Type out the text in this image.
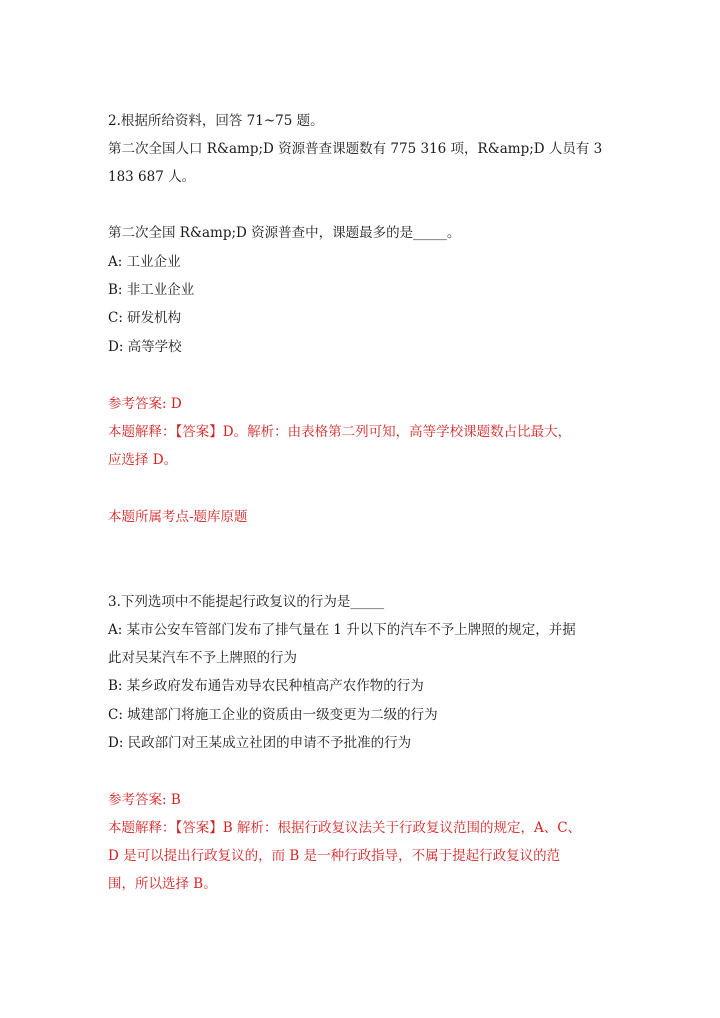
2.根据所给资料，回答 71~75 题。
第二次全国人口 R&amp;D 资源普查课题数有 775 316 项，R&amp;D 人员有 3
183 687 人。
第二次全国 R&amp;D 资源普查中，课题最多的是_____。
A: 工业企业
B: 非工业企业
C: 研发机构
D: 高等学校
参考答案: D
本题解释：【答案】D。解析：由表格第二列可知，高等学校课题数占比最大，
应选择 D。
本题所属考点-题库原题
3.下列选项中不能提起行政复议的行为是_____
A: 某市公安车管部门发布了排气量在 1 升以下的汽车不予上牌照的规定，并据
此对吴某汽车不予上牌照的行为
B: 某乡政府发布通告劝导农民种植高产农作物的行为
C: 城建部门将施工企业的资质由一级变更为二级的行为
D: 民政部门对王某成立社团的申请不予批准的行为
参考答案: B
本题解释：【答案】B 解析：根据行政复议法关于行政复议范围的规定，A、C、
D 是可以提出行政复议的，而 B 是一种行政指导，不属于提起行政复议的范
围，所以选择 B。
